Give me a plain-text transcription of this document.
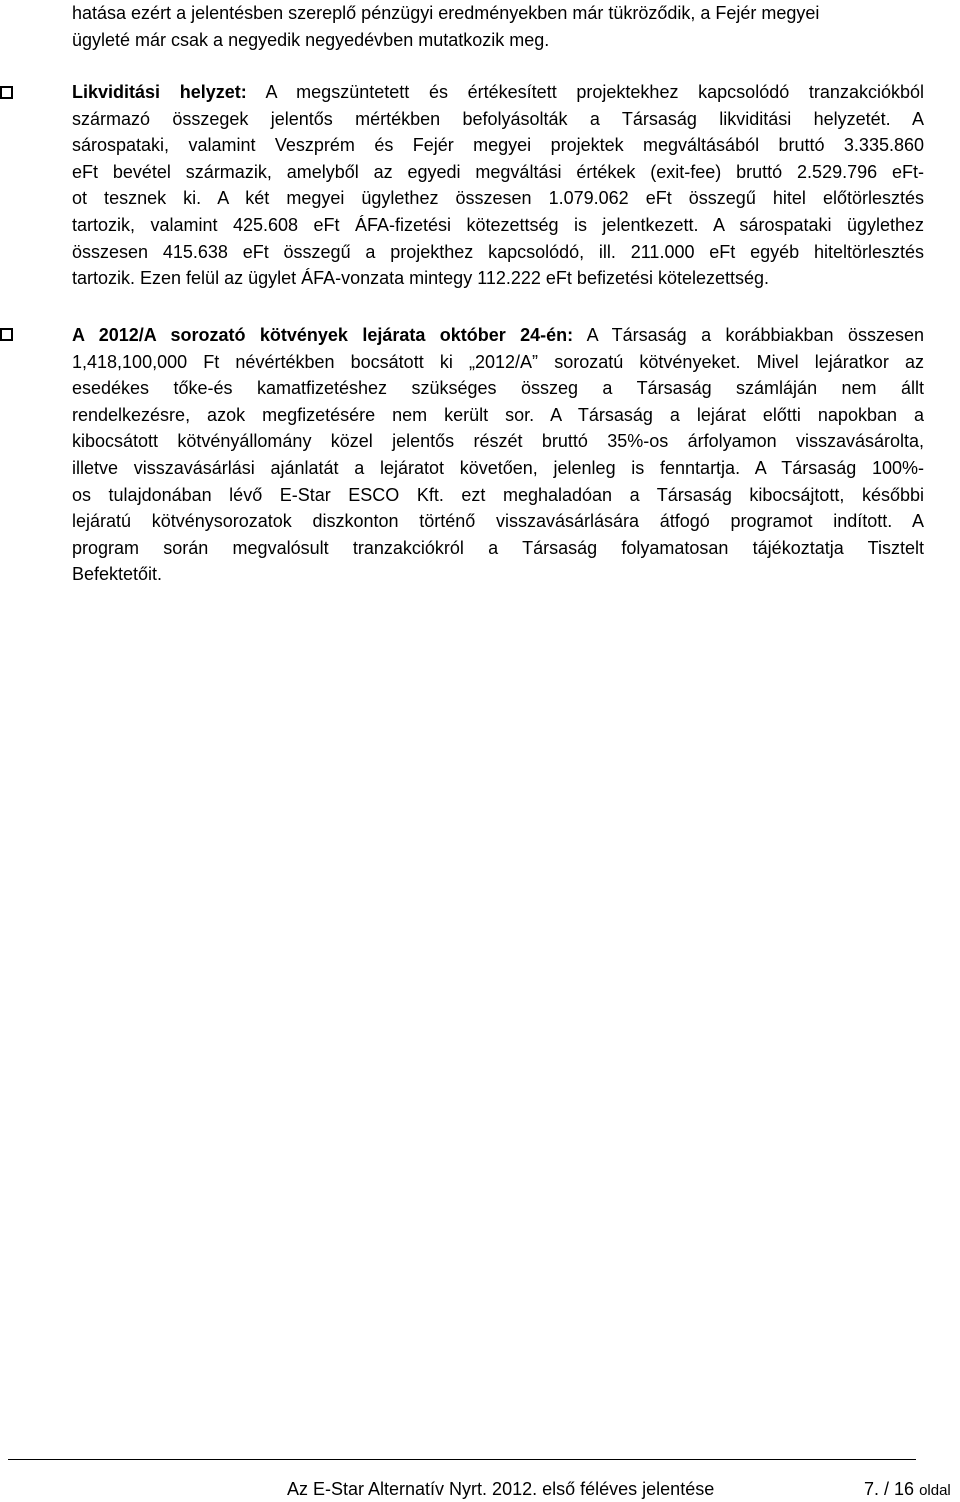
hatása ezért a jelentésben szereplő pénzügyi eredményekben már tükröződik, a Fejér megyei
ügyleté már csak a negyedik negyedévben mutatkozik meg.
Likviditási helyzet: A megszüntetett és értékesített projektekhez kapcsolódó tranzakciókból
származó összegek jelentős mértékben befolyásolták a Társaság likviditási helyzetét. A
sárospataki, valamint Veszprém és Fejér megyei projektek megváltásából bruttó 3.335.860
eFt bevétel származik, amelyből az egyedi megváltási értékek (exit-fee) bruttó 2.529.796 eFt-
ot tesznek ki. A két megyei ügylethez összesen 1.079.062 eFt összegű hitel előtörlesztés
tartozik, valamint 425.608 eFt ÁFA-fizetési kötezettség is jelentkezett. A sárospataki ügylethez
összesen 415.638 eFt összegű a projekthez kapcsolódó, ill. 211.000 eFt egyéb hiteltörlesztés
tartozik. Ezen felül az ügylet ÁFA-vonzata mintegy 112.222 eFt befizetési kötelezettség.
A 2012/A sorozató kötvények lejárata október 24-én: A Társaság a korábbiakban összesen
1,418,100,000 Ft névértékben bocsátott ki „2012/A” sorozatú kötvényeket. Mivel lejáratkor az
esedékes tőke-és kamatfizetéshez szükséges összeg a Társaság számláján nem állt
rendelkezésre, azok megfizetésére nem került sor. A Társaság a lejárat előtti napokban a
kibocsátott kötvényállomány közel jelentős részét bruttó 35%-os árfolyamon visszavásárolta,
illetve visszavásárlási ajánlatát a lejáratot követően, jelenleg is fenntartja. A Társaság 100%-
os tulajdonában lévő E-Star ESCO Kft. ezt meghaladóan a Társaság kibocsájtott, későbbi
lejáratú kötvénysorozatok diszkonton történő visszavásárlására átfogó programot indított. A
program során megvalósult tranzakciókról a Társaság folyamatosan tájékoztatja Tisztelt
Befektetőit.
Az E-Star Alternatív Nyrt. 2012. első féléves jelentése	7. / 16 oldal
